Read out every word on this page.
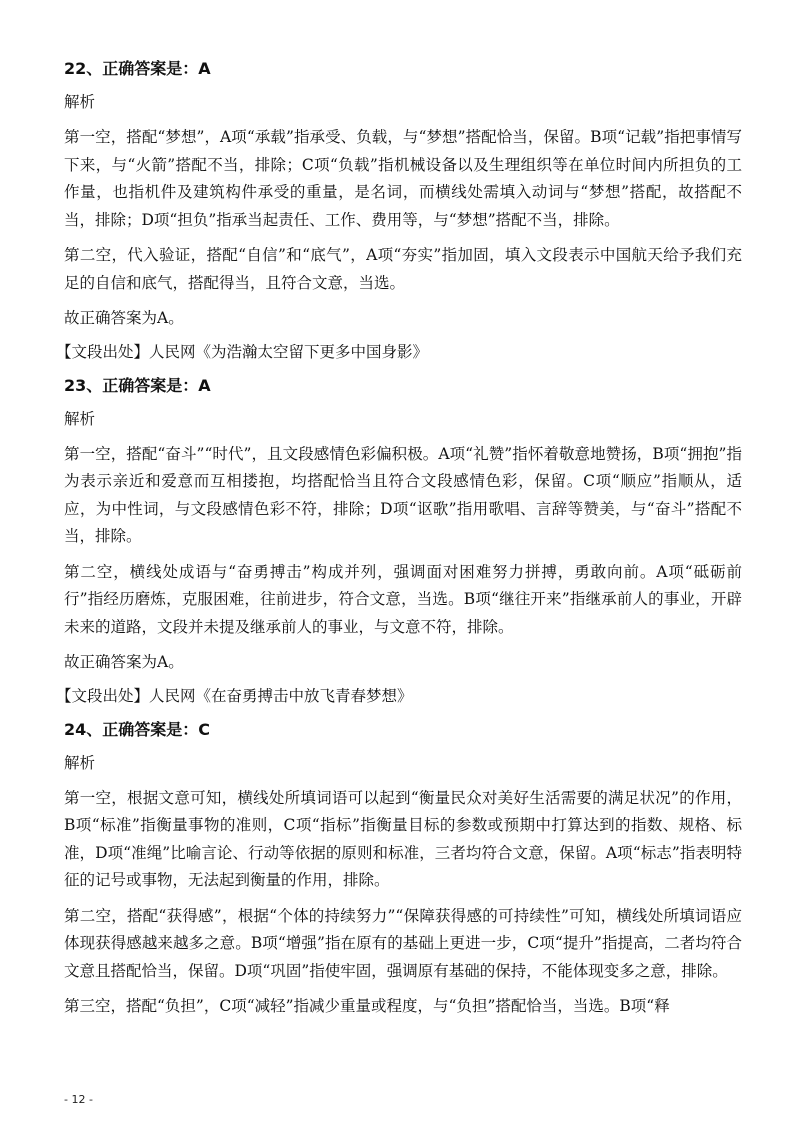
22、正确答案是：A

解析

第一空，搭配“梦想”，A项“承载”指承受、负载，与“梦想”搭配恰当，保留。B项“记载”指把事情写下来，与“火箭”搭配不当，排除；C项“负载”指机械设备以及生理组织等在单位时间内所担负的工作量，也指机件及建筑构件承受的重量，是名词，而横线处需填入动词与“梦想”搭配，故搭配不当，排除；D项“担负”指承当起责任、工作、费用等，与“梦想”搭配不当，排除。

第二空，代入验证，搭配“自信”和“底气”，A项“夯实”指加固，填入文段表示中国航天给予我们充足的自信和底气，搭配得当，且符合文意，当选。

故正确答案为A。

【文段出处】人民网《为浩瀚太空留下更多中国身影》

23、正确答案是：A

解析

第一空，搭配“奋斗”“时代”，且文段感情色彩偏积极。A项“礼赞”指怀着敬意地赞扬，B项“拥抱”指为表示亲近和爱意而互相搂抱，均搭配恰当且符合文段感情色彩，保留。C项“顺应”指顺从，适应，为中性词，与文段感情色彩不符，排除；D项“讴歌”指用歌唱、言辞等赞美，与“奋斗”搭配不当，排除。

第二空，横线处成语与“奋勇搏击”构成并列，强调面对困难努力拼搏，勇敢向前。A项“砥砺前行”指经历磨炼，克服困难，往前进步，符合文意，当选。B项“继往开来”指继承前人的事业，开辟未来的道路，文段并未提及继承前人的事业，与文意不符，排除。

故正确答案为A。

【文段出处】人民网《在奋勇搏击中放飞青春梦想》

24、正确答案是：C

解析

第一空，根据文意可知，横线处所填词语可以起到“衡量民众对美好生活需要的满足状况”的作用，B项“标准”指衡量事物的准则，C项“指标”指衡量目标的参数或预期中打算达到的指数、规格、标准，D项“准绳”比喻言论、行动等依据的原则和标准，三者均符合文意，保留。A项“标志”指表明特征的记号或事物，无法起到衡量的作用，排除。

第二空，搭配“获得感”，根据“个体的持续努力”“保障获得感的可持续性”可知，横线处所填词语应体现获得感越来越多之意。B项“增强”指在原有的基础上更进一步，C项“提升”指提高，二者均符合文意且搭配恰当，保留。D项“巩固”指使牢固，强调原有基础的保持，不能体现变多之意，排除。

第三空，搭配“负担”，C项“减轻”指减少重量或程度，与“负担”搭配恰当，当选。B项“释

- 12 -
